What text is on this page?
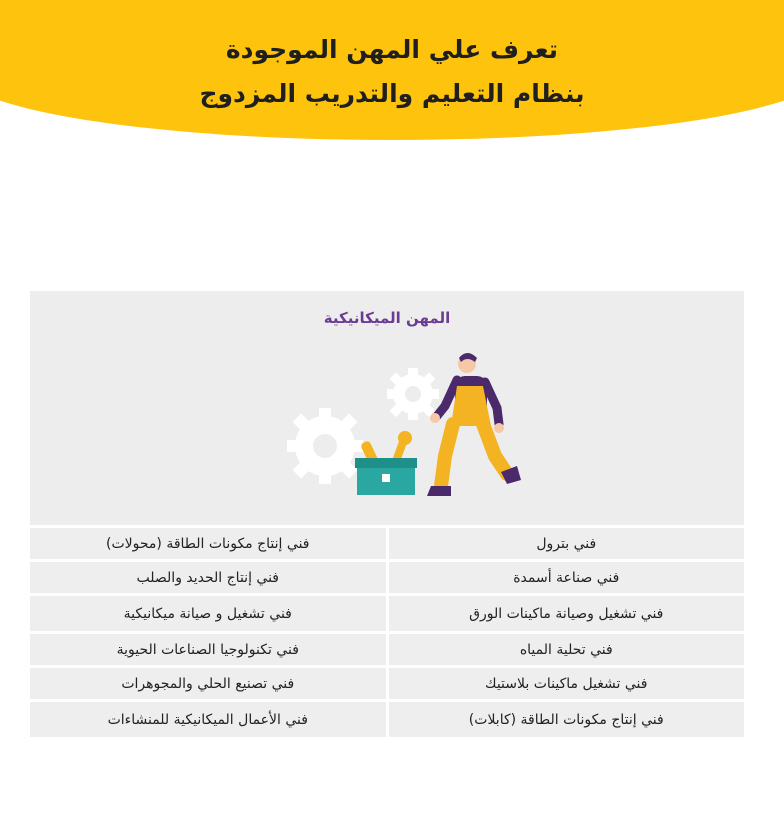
تعرف علي المهن الموجودة
بنظام التعليم والتدريب المزدوج
المهن الميكانيكية
فني بترول
فني إنتاج مكونات الطاقة (محولات)
فني صناعة أسمدة
فني إنتاج الحديد والصلب
فني تشغيل وصيانة ماكينات الورق
فني تشغيل و صيانة ميكانيكية
فني تحلية المياه
فني تكنولوجيا الصناعات الحيوية
فني تشغيل ماكينات بلاستيك
فني تصنيع الحلي والمجوهرات
فني إنتاج مكونات الطاقة (كابلات)
فني الأعمال الميكانيكية للمنشاءات
